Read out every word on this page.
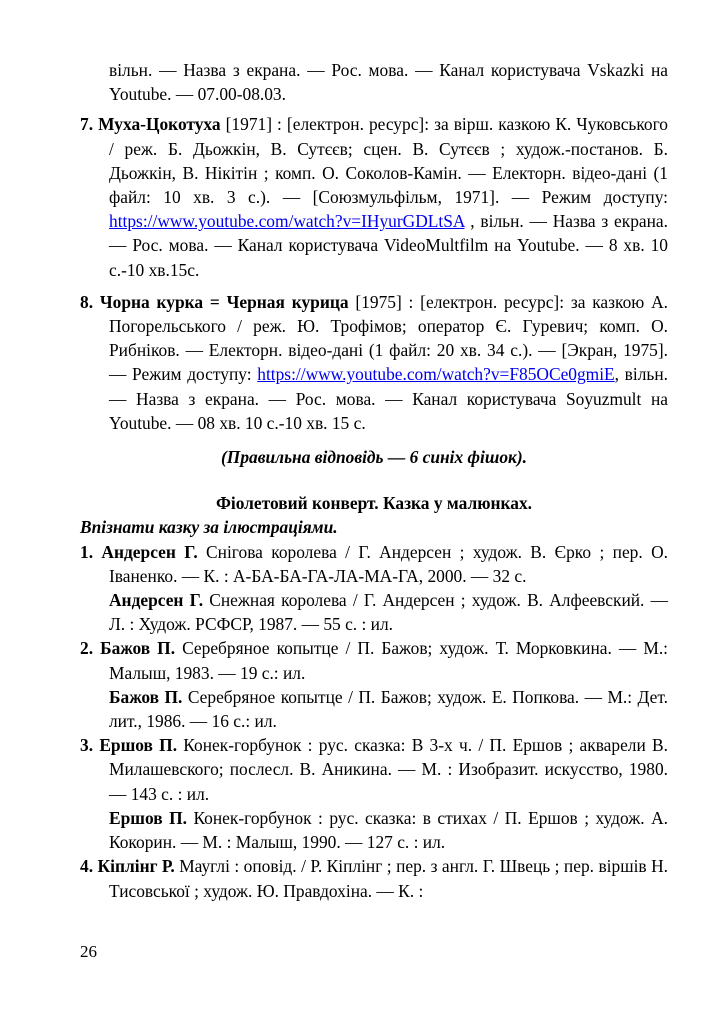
вільн. — Назва з екрана. — Рос. мова. — Канал користувача Vskazki на Youtube. — 07.00-08.03.

7. Муха-Цокотуха [1971] : [електрон. ресурс]: за вірш. казкою К. Чуковського / реж. Б. Дьожкін, В. Сутєєв; сцен. В. Сутєєв ; худож.-постанов. Б. Дьожкін, В. Нікітін ; комп. О. Соколов-Камін. — Електорн. відео-дані (1 файл: 10 хв. 3 с.). — [Союзмульфільм, 1971]. — Режим доступу: https://www.youtube.com/watch?v=IHyurGDLtSA , вільн. — Назва з екрана. — Рос. мова. — Канал користувача VideoMultfilm на Youtube. — 8 хв. 10 с.-10 хв.15с.

8. Чорна курка = Черная курица [1975] : [електрон. ресурс]: за казкою А. Погорельського / реж. Ю. Трофімов; оператор Є. Гуревич; комп. О. Рибніков. — Електорн. відео-дані (1 файл: 20 хв. 34 с.). — [Экран, 1975]. — Режим доступу: https://www.youtube.com/watch?v=F85OCe0gmiE, вільн. — Назва з екрана. — Рос. мова. — Канал користувача Soyuzmult на Youtube. — 08 хв. 10 с.-10 хв. 15 с.

(Правильна відповідь — 6 синіх фішок).

Фіолетовий конверт. Казка у малюнках.

Впізнати казку за ілюстраціями.

1. Андерсен Г. Снігова королева / Г. Андерсен ; худож. В. Єрко ; пер. О. Іваненко. — К. : А-БА-БА-ГА-ЛА-МА-ГА, 2000. — 32 с.

Андерсен Г. Снежная королева / Г. Андерсен ; худож. В. Алфеевский. — Л. : Худож. РСФСР, 1987. — 55 с. : ил.

2. Бажов П. Серебряное копытце / П. Бажов; худож. Т. Морковкина. — М.: Малыш, 1983. — 19 с.: ил.

Бажов П. Серебряное копытце / П. Бажов; худож. Е. Попкова. — М.: Дет. лит., 1986. — 16 с.: ил.

3. Ершов П. Конек-горбунок : рус. сказка: В 3-х ч. / П. Ершов ; акварели В. Милашевского; послесл. В. Аникина. — М. : Изобразит. искусство, 1980. — 143 с. : ил.

Ершов П. Конек-горбунок : рус. сказка: в стихах / П. Ершов ; худож. А. Кокорин. — М. : Малыш, 1990. — 127 с. : ил.

4. Кіплінг Р. Мауглі : оповід. / Р. Кіплінг ; пер. з англ. Г. Швець ; пер. віршів Н. Тисовської ; худож. Ю. Правдохіна. — К. :

26
